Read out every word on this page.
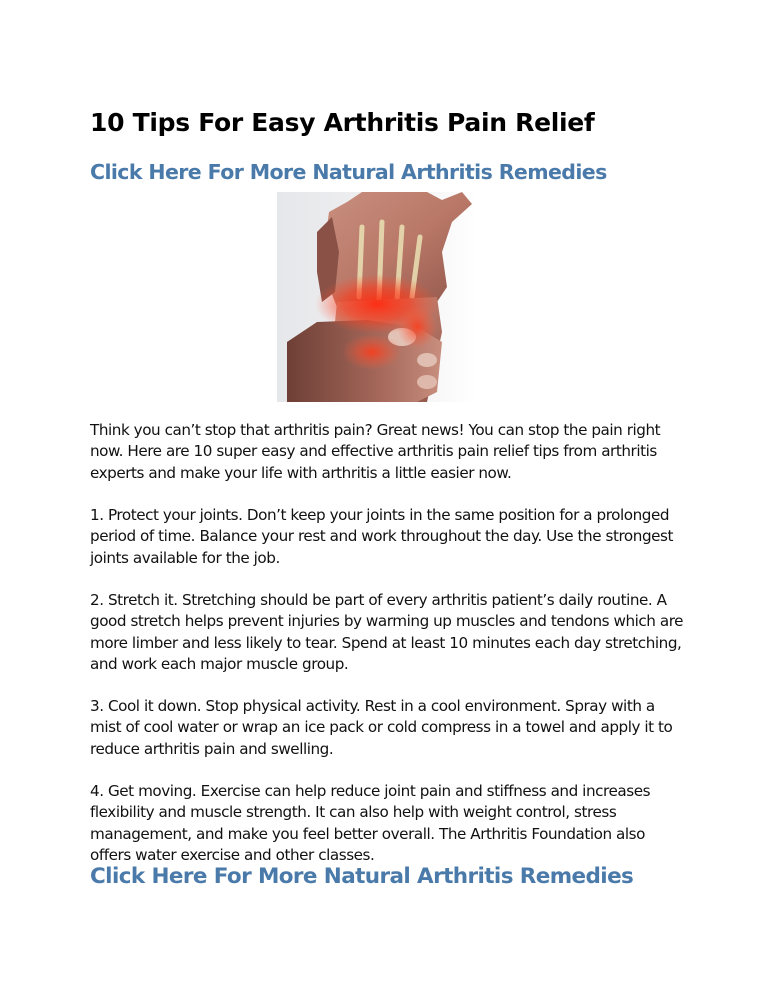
10 Tips For Easy Arthritis Pain Relief
Click Here For More Natural Arthritis Remedies

Think you can’t stop that arthritis pain? Great news! You can stop the pain right now. Here are 10 super easy and effective arthritis pain relief tips from arthritis experts and make your life with arthritis a little easier now.

1. Protect your joints. Don’t keep your joints in the same position for a prolonged period of time. Balance your rest and work throughout the day. Use the strongest joints available for the job.

2. Stretch it. Stretching should be part of every arthritis patient’s daily routine. A good stretch helps prevent injuries by warming up muscles and tendons which are more limber and less likely to tear. Spend at least 10 minutes each day stretching, and work each major muscle group.

3. Cool it down. Stop physical activity. Rest in a cool environment. Spray with a mist of cool water or wrap an ice pack or cold compress in a towel and apply it to reduce arthritis pain and swelling.

4. Get moving. Exercise can help reduce joint pain and stiffness and increases flexibility and muscle strength. It can also help with weight control, stress management, and make you feel better overall. The Arthritis Foundation also offers water exercise and other classes.

Click Here For More Natural Arthritis Remedies
